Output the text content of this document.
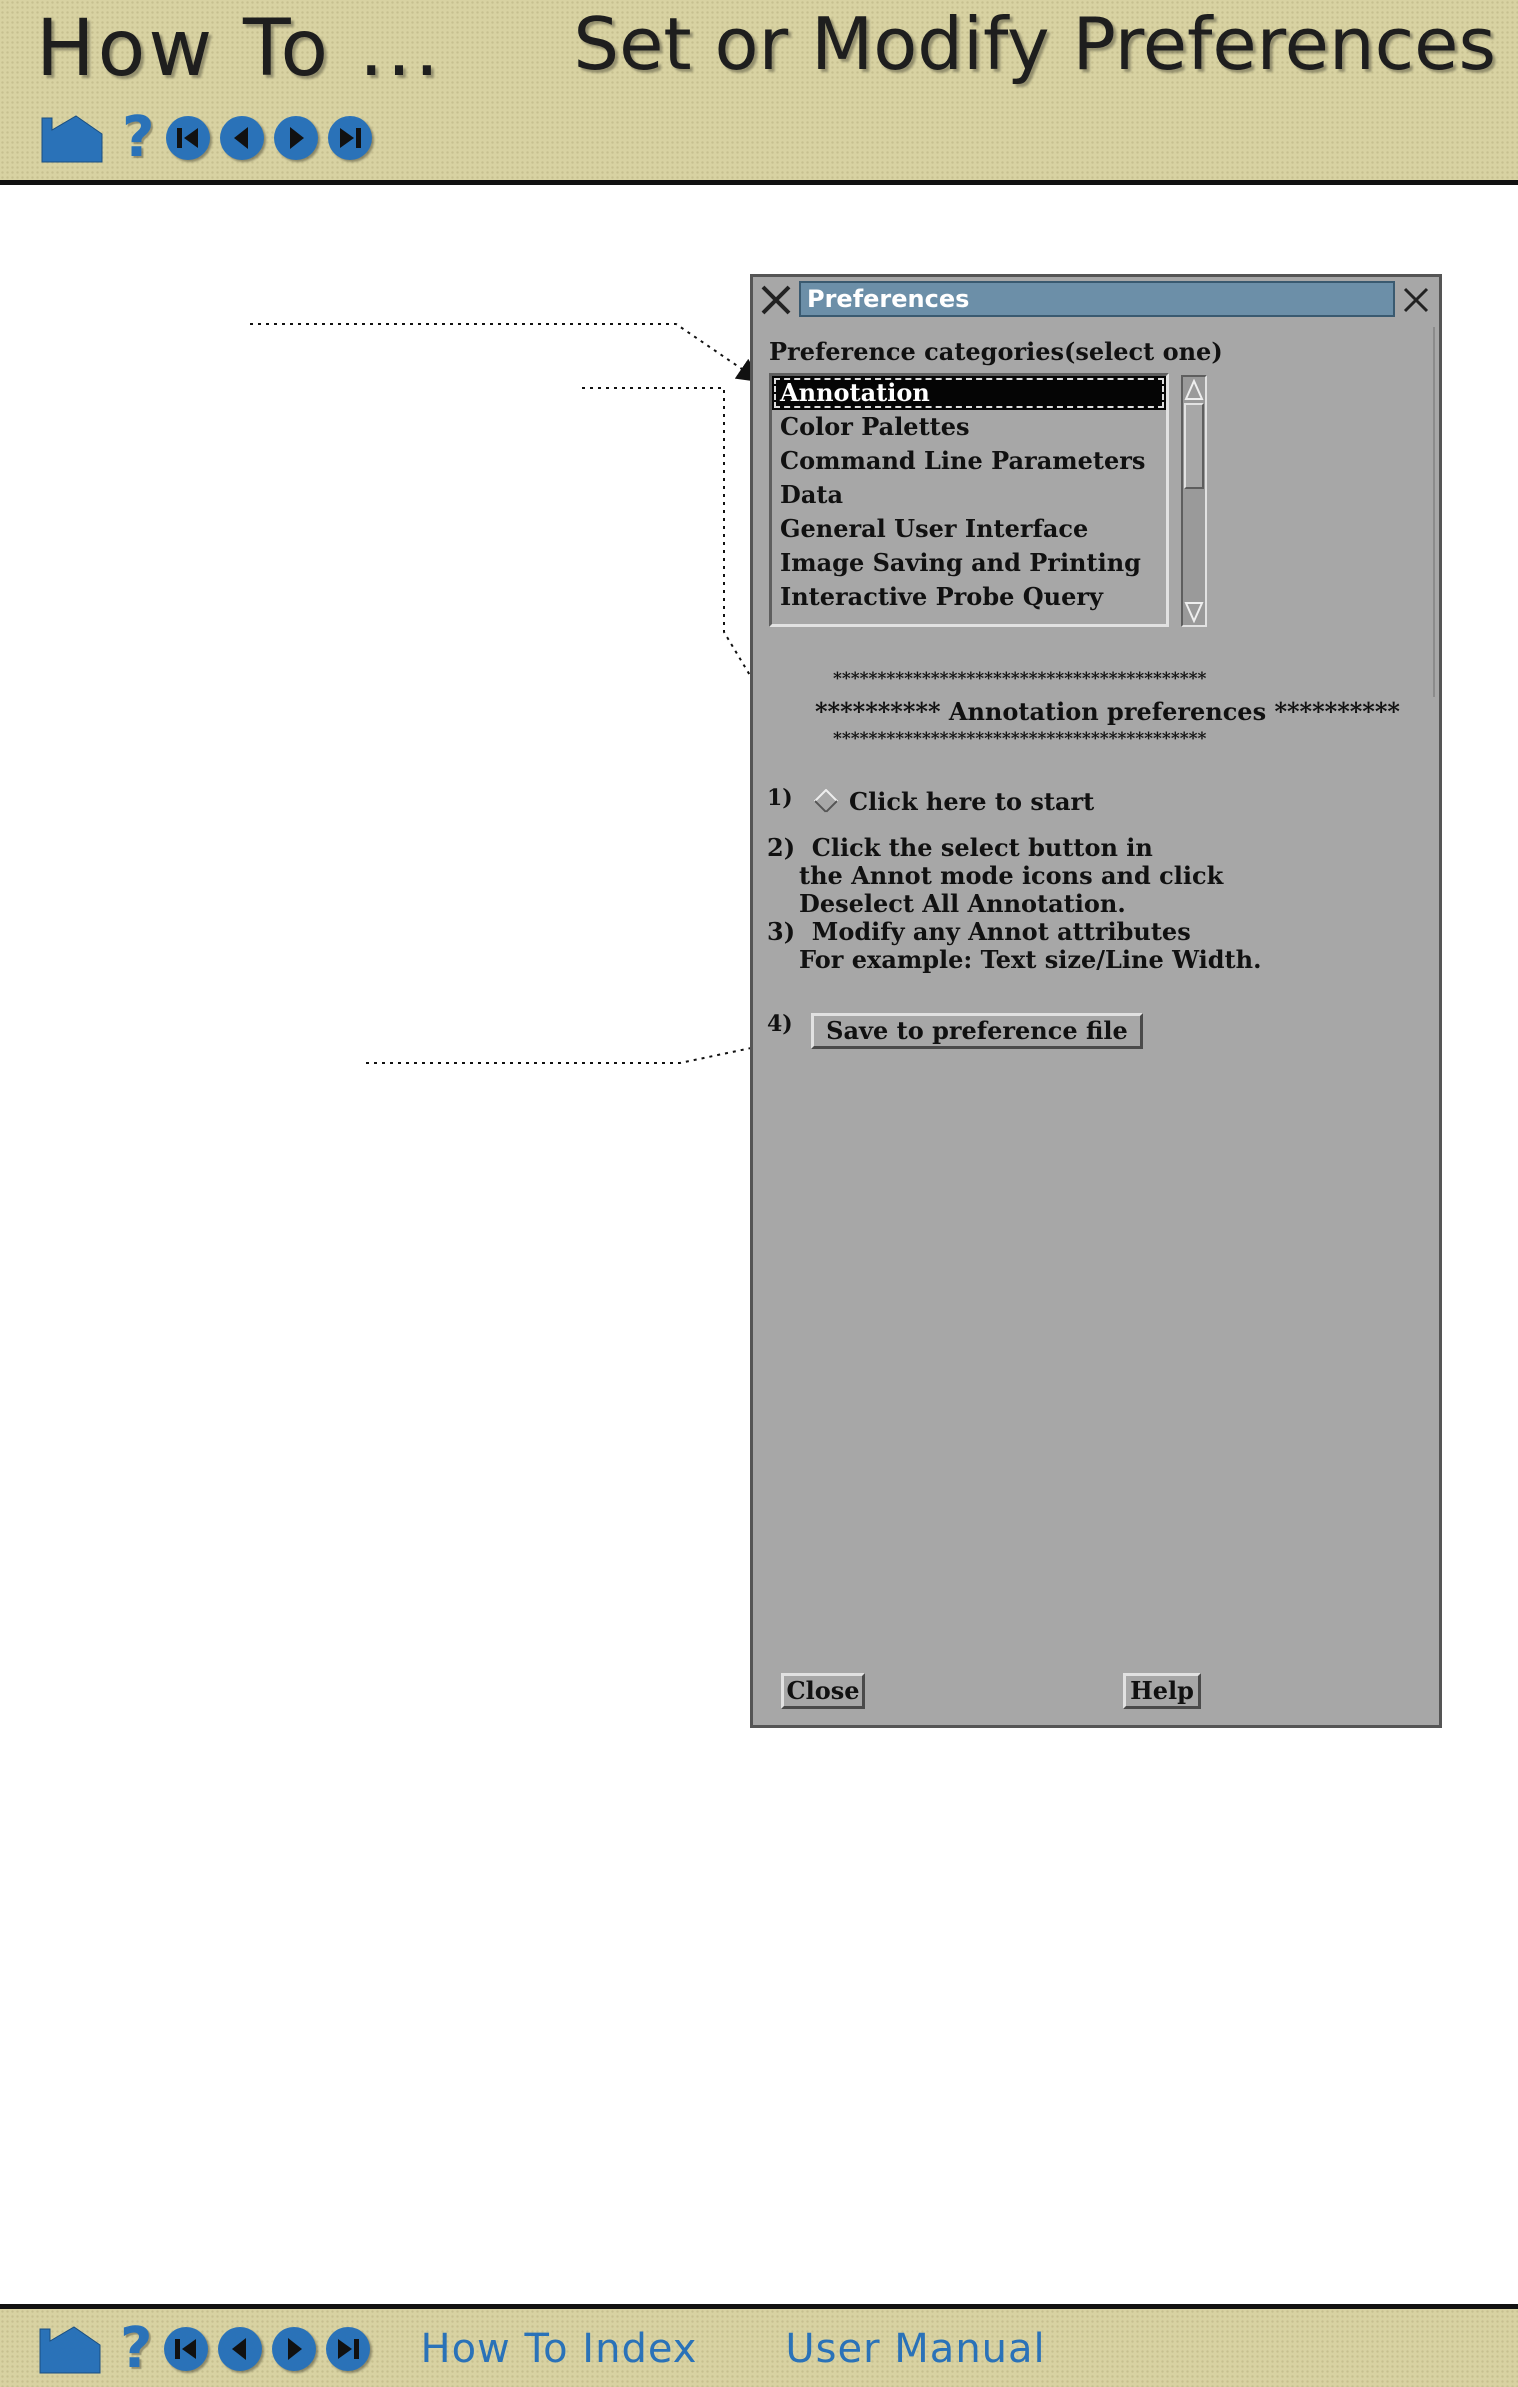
How To ... Set or Modify Preferences
?
Preferences
Preference categories(select one)
Annotation
Color Palettes
Command Line Parameters
Data
General User Interface
Image Saving and Printing
Interactive Probe Query
******************************************
********** Annotation preferences **********
******************************************
1) Click here to start
2)  Click the select button in
the Annot mode icons and click
Deselect All Annotation.
3)  Modify any Annot attributes
For example: Text size/Line Width.
4)	Save to preference file
Close	Help
?	How To Index User Manual
